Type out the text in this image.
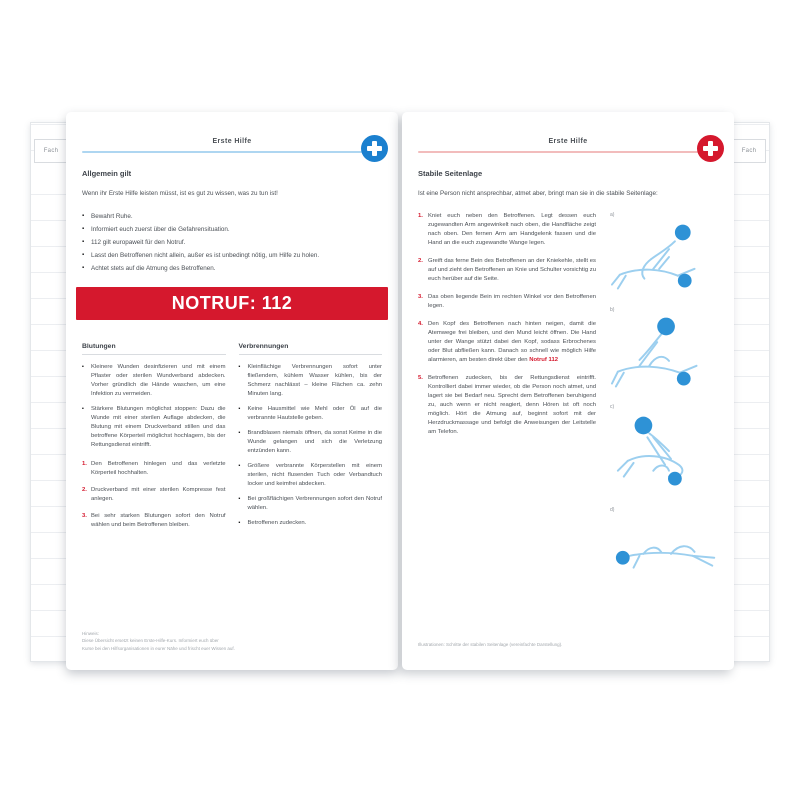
Fach	Fach
Erste Hilfe
Allgemein gilt
Wenn ihr Erste Hilfe leisten müsst, ist es gut zu wissen, was zu tun ist!
▪
Bewahrt Ruhe.
▪
Informiert euch zuerst über die Gefahrensituation.
▪
112 gilt europaweit für den Notruf.
▪
Lasst den Betroffenen nicht allein, außer es ist unbedingt nötig, um Hilfe zu holen.
▪
Achtet stets auf die Atmung des Betroffenen.
NOTRUF: 112
Blutungen
▪
Kleinere Wunden desinfizieren und mit einem Pflaster oder sterilen Wundverband abdecken. Vorher gründlich die Hände waschen, um eine Infektion zu vermeiden.
▪
Stärkere Blutungen möglichst stoppen: Dazu die Wunde mit einer sterilen Auflage abdecken, die Blutung mit einem Druckverband stillen und das betroffene Körperteil möglichst hochlagern, bis der Rettungsdienst eintrifft.
1. Den Betroffenen hinlegen und das verletzte Körperteil hochhalten.
2. Druckverband mit einer sterilen Kompresse fest anlegen.
3. Bei sehr starken Blutungen sofort den Notruf wählen und beim Betroffenen bleiben.
Verbrennungen
▪
Kleinflächige Verbrennungen sofort unter fließendem, kühlem Wasser kühlen, bis der Schmerz nachlässt – kleine Flächen ca. zehn Minuten lang.
▪
Keine Hausmittel wie Mehl oder Öl auf die verbrannte Hautstelle geben.
▪
Brandblasen niemals öffnen, da sonst Keime in die Wunde gelangen und sich die Verletzung entzünden kann.
▪
Größere verbrannte Körperstellen mit einem sterilen, nicht flusenden Tuch oder Verbandtuch locker und keimfrei abdecken.
▪
Bei großflächigen Verbrennungen sofort den Notruf wählen.
▪
Betroffenen zudecken.
Hinweis:
Diese Übersicht ersetzt keinen Erste-Hilfe-Kurs. Informiert euch über
Kurse bei den Hilfsorganisationen in eurer Nähe und frischt euer Wissen auf.
Erste Hilfe
Stabile Seitenlage
Ist eine Person nicht ansprechbar, atmet aber, bringt man sie in die stabile Seitenlage:
1. Kniet euch neben den Betroffenen. Legt dessen euch zugewandten Arm angewinkelt nach oben, die Handfläche zeigt nach oben. Den fernen Arm am Handgelenk fassen und die Hand an die euch zugewandte Wange legen.
2. Greift das ferne Bein des Betroffenen an der Kniekehle, stellt es auf und zieht den Betroffenen an Knie und Schulter vorsichtig zu euch herüber auf die Seite.
3. Das oben liegende Bein im rechten Winkel vor den Betroffenen legen.
4. Den Kopf des Betroffenen nach hinten neigen, damit die Atemwege frei bleiben, und den Mund leicht öffnen. Die Hand unter der Wange stützt dabei den Kopf, sodass Erbrochenes oder Blut abfließen kann. Danach so schnell wie möglich Hilfe alarmieren, am besten direkt über den Notruf 112
5. Betroffenen zudecken, bis der Rettungsdienst eintrifft. Kontrolliert dabei immer wieder, ob die Person noch atmet, und lagert sie bei Bedarf neu. Sprecht dem Betroffenen beruhigend zu, auch wenn er nicht reagiert, denn Hören ist oft noch möglich. Hört die Atmung auf, beginnt sofort mit der Herzdruckmassage und befolgt die Anweisungen der Leitstelle am Telefon.
a)
b)
c)
d)
Illustrationen: Schritte der stabilen Seitenlage (vereinfachte Darstellung).
